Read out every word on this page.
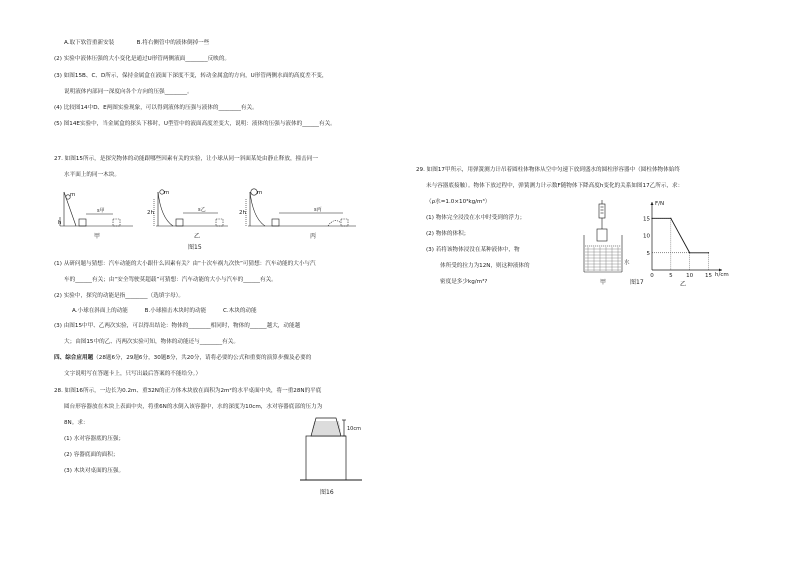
A.取下软管重新安装　　　　B.将右侧管中的液体倒掉一些
(2) 实验中液体压强的大小变化是通过U形管两侧液面________反映的。
(3) 如图15B、C、D所示，保持金属盒在液面下深度不变，转动金属盒的方向，U形管两侧水面的高度差不变，
说明液体内部同一深度向各个方向的压强________。
(4) 比较图14中D、E两图实验现象，可以得到液体的压强与液体的________有关。
(5) 图14E实验中，当金属盒的探头下移时，U型管中的液面高度差变大，说明：液体的压强与液体的______有关。
27. 如图15所示，是探究物体的动能跟哪些因素有关的实验，让小球从同一斜面某处由静止释放，撞击同一
水平面上的同一木块。
m
h
s甲
m
2h	s乙
m
2h	s丙
甲	乙	丙
图15
(1) 从研问题与猜想：汽车动能的大小跟什么因素有关？由“十次车祸九次快”可猜想：汽车动能的大小与汽
车的______有关；由“安全驾驶莫超载”可猜想：汽车动能的大小与汽车的______有关。
(2) 实验中，探究的动能是指________（选填字母）。
A.小球在斜面上的动能　　　B.小球撞击木块时的动能　　　C.木块的动能
(3) 由图15中甲、乙两次实验，可以得出结论：物体的________相同时，物体的______越大，动能越
大；由图15中的乙、丙两次实验可知，物体的动能还与________有关。
四、综合应用题（28题6分，29题6分，30题8分，共20分，请将必要的公式和重要的演算步骤及必要的
文字说明写在答题卡上，只写出最后答案的不能给分。）
28. 如图16所示，一边长为0.2m、重32N的正方体木块放在面积为2m²的水平桌面中央，将一重28N的平底
圆台形容器放在木块上表面中央，将重6N的水倒入该容器中，水的深度为10cm，水对容器底部的压力为
8N。求：
(1) 水对容器底的压强；
(2) 容器底面的面积；
(3) 木块对桌面的压强。
10cm
图16
29. 如图17甲所示，用弹簧测力计吊着圆柱体物体从空中匀速下放到盛水的圆柱形容器中（圆柱体物体始终
未与容器底接触）。物体下放过程中，弹簧测力计示数F随物体下降高度h变化的关系如图17乙所示，求：
（ρ水=1.0×10³kg/m³）
(1) 物体完全浸没在水中时受到的浮力；
(2) 物体的体积；
(3) 若将该物体浸没在某种液体中，物
体所受的拉力为12N，则这种液体的
密度是多少kg/m³?
水
甲	图17
F/N
h/cm
5
10
15
0	5 10 15
乙
